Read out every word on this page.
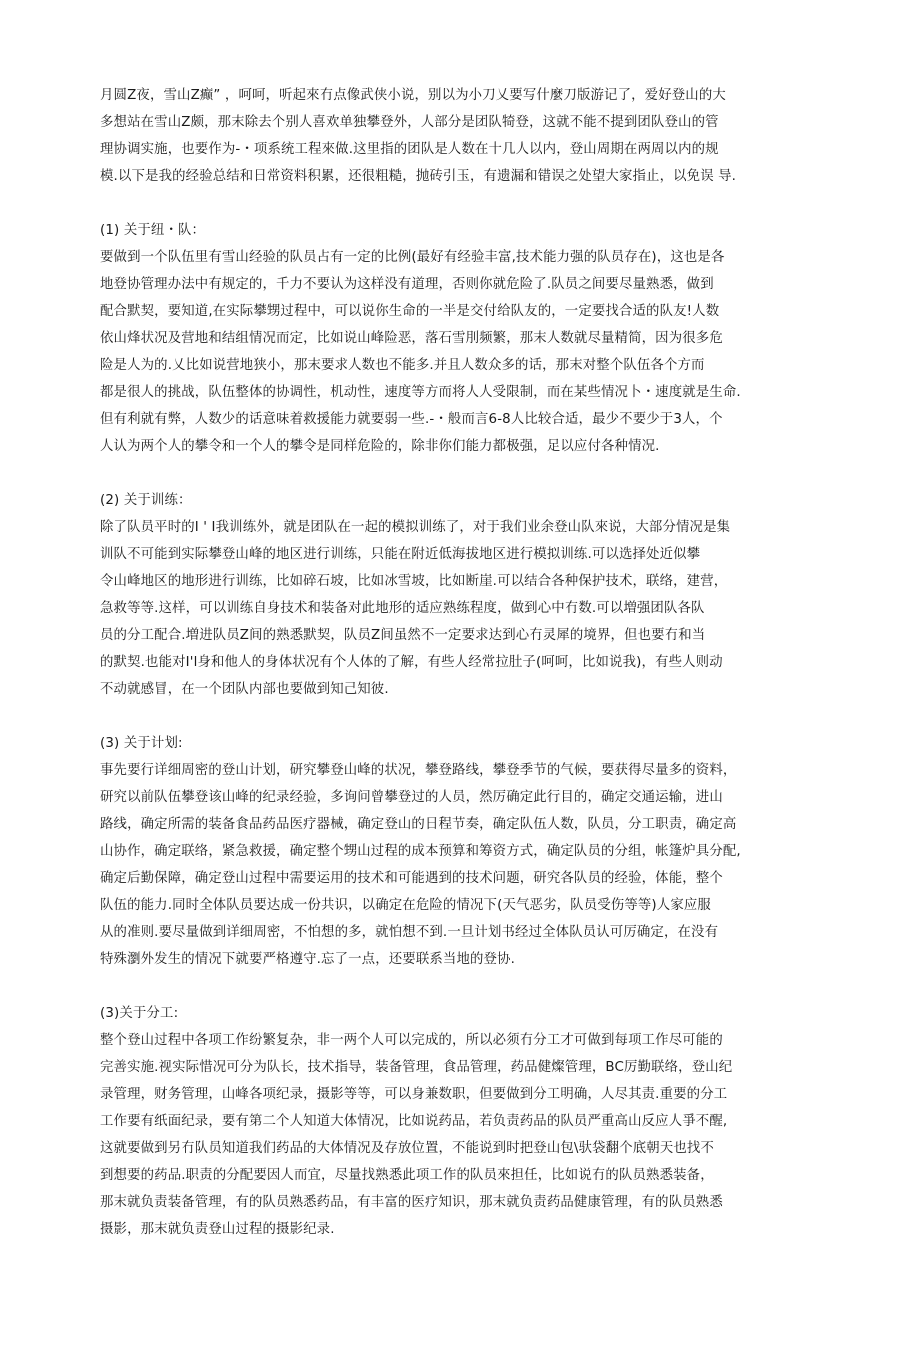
月圆Z夜，雪山Z癫” ，呵呵，听起來冇点像武侠小说，别以为小刀乂要写什麼刀版游记了，爱好登山的大
多想站在雪山Z颇，那末除去个别人喜欢单独攀登外，人部分是团队犄登，这就不能不提到团队登山的管
理协调实施，也要作为-・项系统工程來做.这里指的团队是人数在十几人以内，登山周期在两周以内的规
模.以下是我的经验总结和日常资料积累，还很粗糙，抛砖引玉，有遗漏和错误之处望大家指止，以免误 导.
(1) 关于纽・队：
要做到一个队伍里有雪山经验的队员占有一定的比例(最好有经验丰富,技术能力强的队员存在)，这也是各
地登协管理办法中有规定的，千力不要认为这样没有道理，否则你就危险了.队员之间要尽量熟悉，做到
配合默契，要知道,在实际攀甥过程中，可以说你生命的一半是交付给队友的，一定要找合适的队友!人数
依山烽状况及营地和结组情况而定，比如说山峰险恶，落石雪刖频繁，那末人数就尽量精简，因为很多危
险是人为的.乂比如说营地狭小，那末要求人数也不能多.并且人数众多的话，那末对整个队伍各个方而
都是很人的挑战，队伍整体的协调性，机动性，速度等方而将人人受限制，而在某些情况卜・速度就是生命.
但有利就有弊，人数少的话意味着救援能力就要弱一些.-・般而言6-8人比较合适，最少不要少于3人，个
人认为两个人的攀令和一个人的攀令是同样危险的，除非你们能力都极强，足以应付各种情况.
(2) 关于训练：
除了队员平时的I ' I我训练外，就是团队在一起的模拟训练了，对于我们业余登山队來说，大部分情况是集
训队不可能到实际攀登山峰的地区进行训练，只能在附近低海拔地区进行模拟训练.可以选择处近似攀
令山峰地区的地形进行训练，比如碎石坡，比如冰雪坡，比如断崖.可以结合各种保护技术，联络，建营，
急救等等.这样，可以训练自身技术和装备对此地形的适应熟练程度，做到心中冇数.可以増强团队各队
员的分工配合.増进队员Z间的熟悉默契，队员Z间虽然不一定要求达到心冇灵犀的境界，但也要冇和当
的默契.也能对I'l身和他人的身体状况有个人体的了解，有些人经常拉肚子(呵呵，比如说我)，有些人则动
不动就感冒，在一个团队内部也要做到知己知彼.
(3) 关于计划:
事先要行详细周密的登山计划，研究攀登山峰的状况，攀登路线，攀登季节的气候，要获得尽量多的资料，
研究以前队伍攀登该山峰的纪录经验，多询问曾攀登过的人员，然厉确定此行目的，确定交通运输，进山
路线，确定所需的装备食品药品医疗器械，确定登山的日程节奏，确定队伍人数，队员，分工职责，确定高
山协作，确定联络，紧急救援，确定整个甥山过程的成本预算和筹资方式，确定队员的分组，帐篷炉具分配,
确定后勤保障，确定登山过程中需要运用的技术和可能遇到的技术问题，研究各队员的经验，体能，整个
队伍的能力.同时全体队员要达成一份共识，以确定在危险的情况下(天气恶劣，队员受伤等等)人家应服
从的准则.要尽量做到详细周密，不怕想的多，就怕想不到.一旦计划书经过全体队员认可厉确定，在没有
特殊瀏外发生的情况下就要严格遵守.忘了一点，还要联系当地的登协.
(3)关于分工:
整个登山过程中各项工作纷繁复杂，非一两个人可以完成的，所以必须冇分工才可做到每项工作尽可能的
完善实施.视实际惜况可分为队长，技术指导，装备管理，食品管理，药品健燦管理，BC厉勤联络，登山纪
录管理，财务管理，山峰各项纪录，摄影等等，可以身兼数职，但要做到分工明确，人尽其责.重要的分工
工作要有纸面纪录，要有第二个人知道大体情况，比如说药品，若负责药品的队员严重高山反应人爭不醒,
这就要做到另冇队员知道我们药品的大体情况及存放位置，不能说到时把登山包\驮袋翻个底朝天也找不
到想要的药品.职责的分配要因人而宜，尽量找熟悉此项工作的队员來担任，比如说冇的队员熟悉装备，
那末就负责装备管理，有的队员熟悉药品，有丰富的医疗知识，那末就负责药品健康管理，有的队员熟悉
摄影，那末就负责登山过程的摄影纪录.
